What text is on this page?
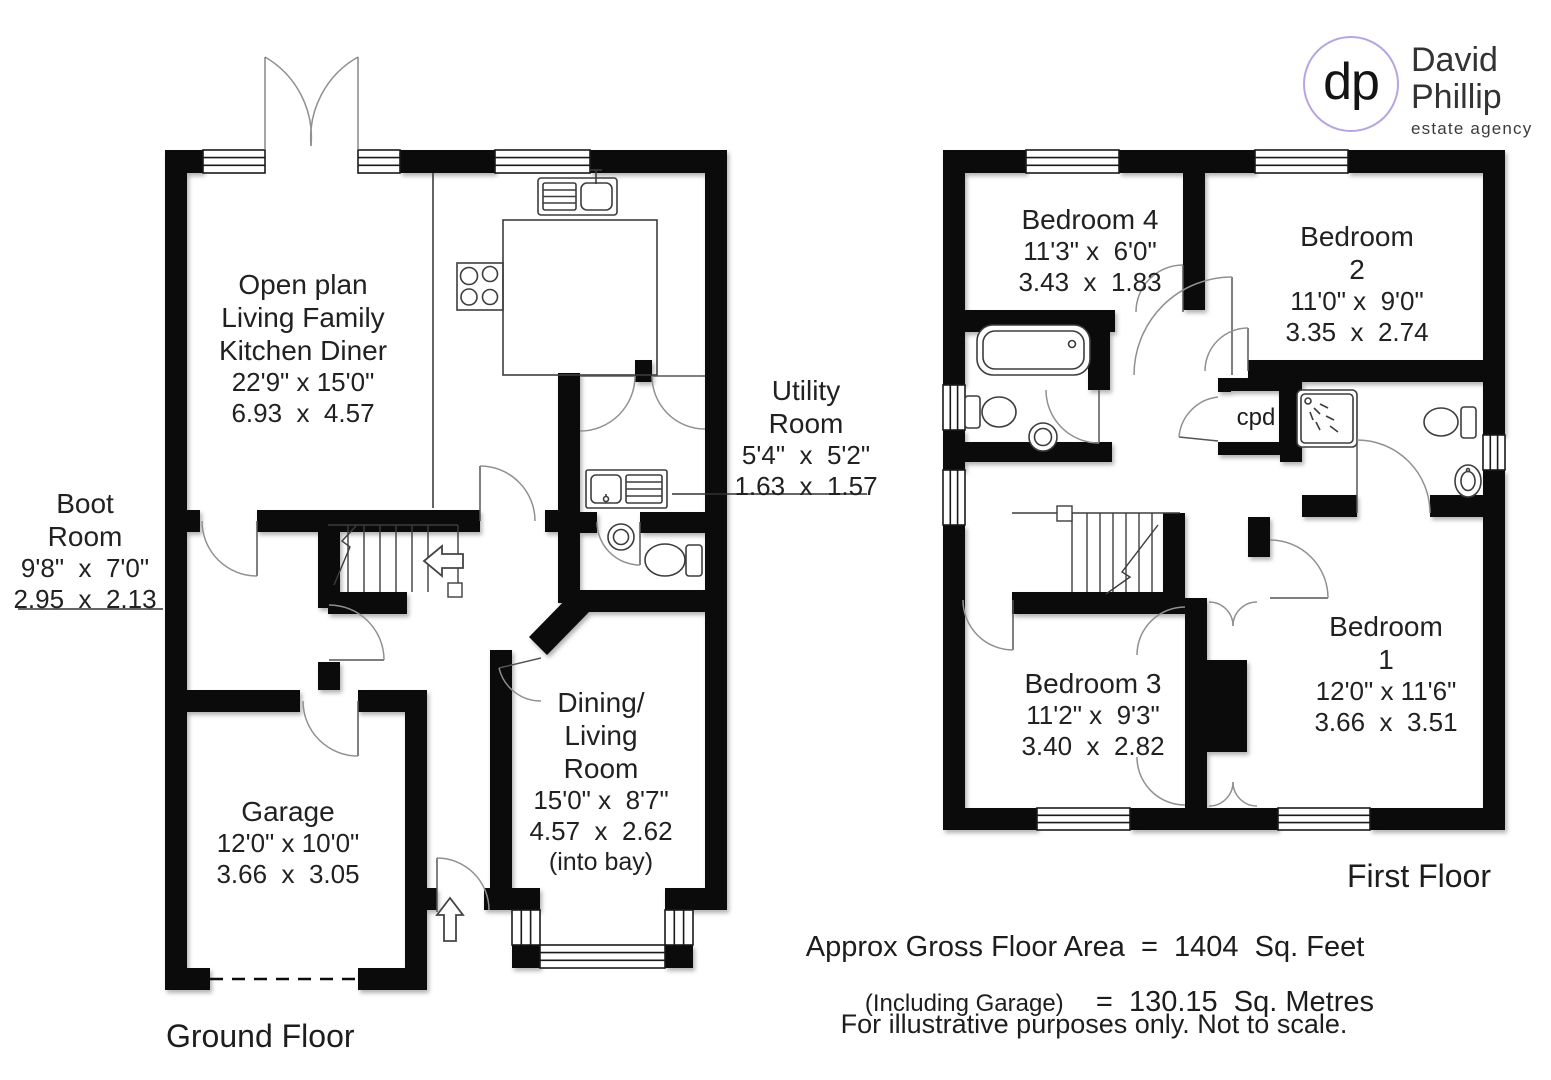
dp David
Phillip
estate agency
Open plan
Living Family
Kitchen Diner
22'9" x 15'0"
6.93  x  4.57
Boot
Room
9'8"  x  7'0"
2.95  x  2.13
Garage
12'0" x 10'0"
3.66  x  3.05
Dining/
Living
Room
15'0" x  8'7"
4.57  x  2.62
(into bay)
Utility
Room
5'4"  x  5'2"
1.63  x  1.57
Ground Floor
Bedroom 4
11'3" x  6'0"
3.43  x  1.83
Bedroom
2
11'0" x  9'0"
3.35  x  2.74
Bedroom 3
11'2" x  9'3"
3.40  x  2.82
Bedroom
1
12'0" x 11'6"
3.66  x  3.51
cpd
First Floor
Approx Gross Floor Area  =  1404  Sq. Feet

(Including Garage) =  130.15  Sq. Metres

For illustrative purposes only. Not to scale.
